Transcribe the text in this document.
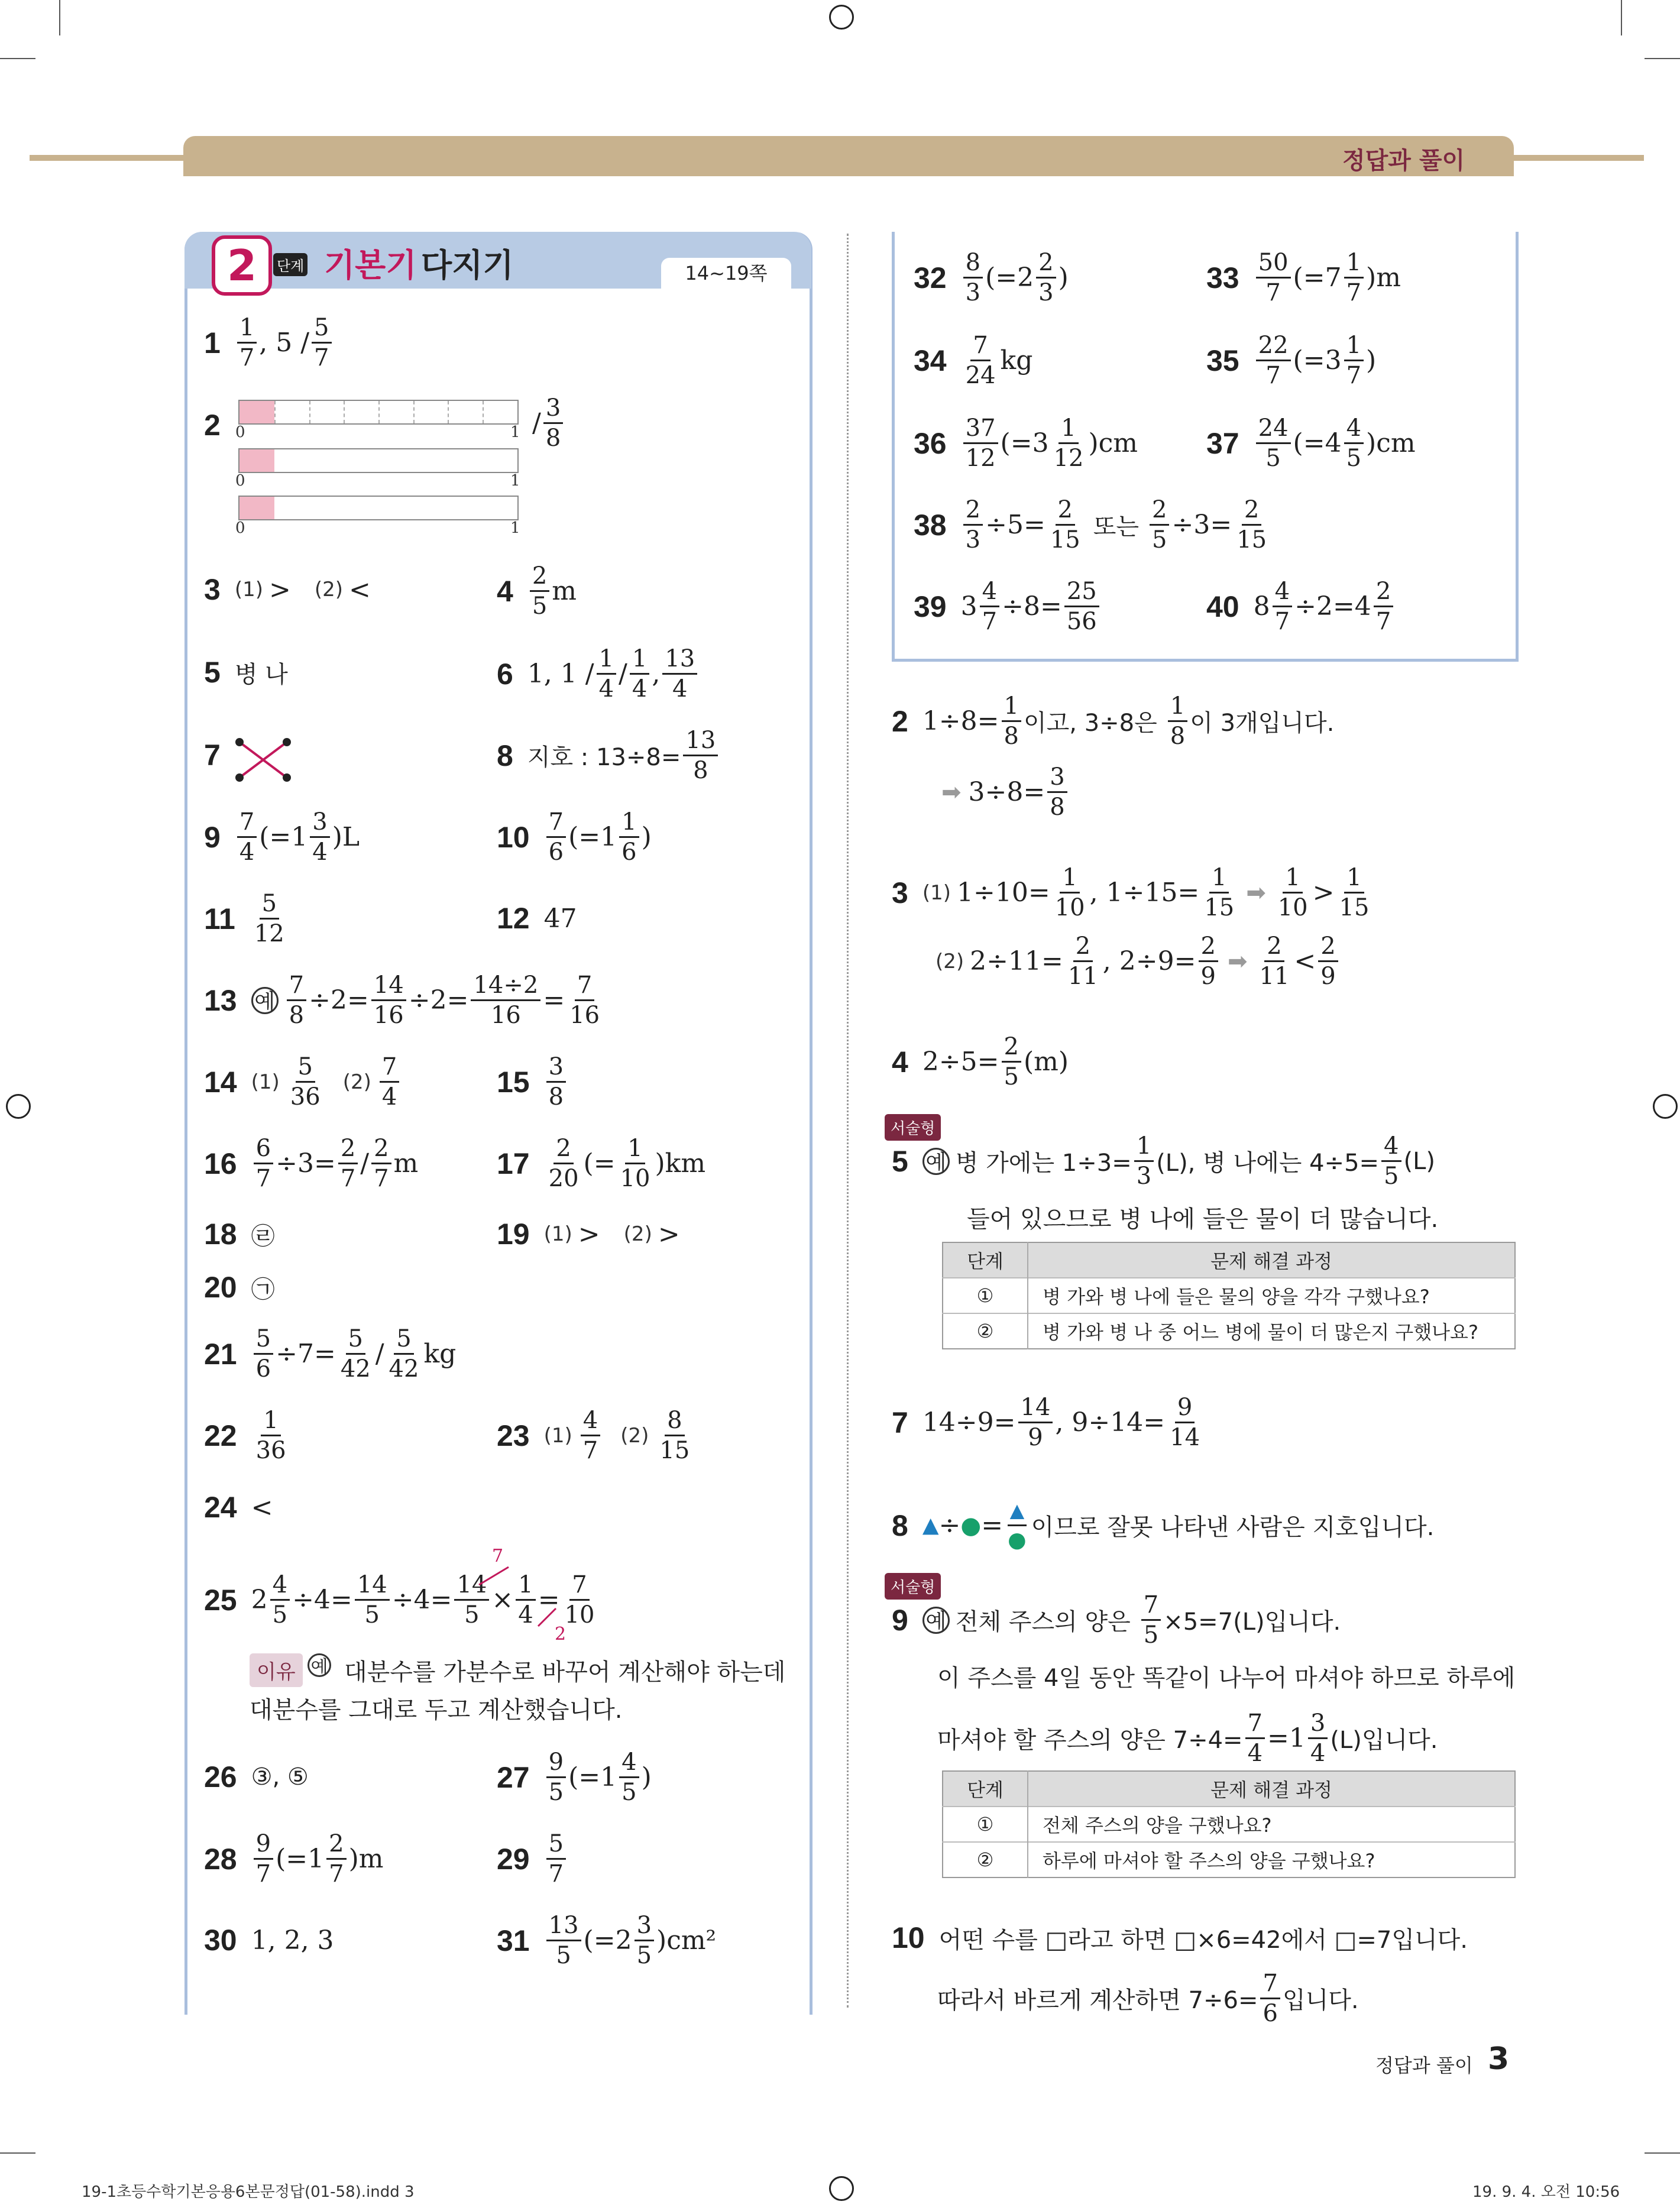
정답과 풀이
2	단계 기본기 다지기	14~19쪽
$1 \frac{1}{7}$ , $5 / \frac{5}{7}$
2 0	1
0	1
0	1
/ $\frac{3}{8}$
3 (1) > (2) <	$4 \frac{2}{5}$ m
5 병 나	6 1, $1 / \frac{1}{4} / \frac{1}{4}$ , $\frac{13}{4}$
7	8 지호 : $13\div 8= \frac{13}{8}$
$9 \frac{7}{4} (=1 \frac{3}{4}$ ) L	$10 \frac{7}{6} (=1 \frac{1}{6}$ )
$11 \frac{5}{12}$	12 47
13 예 $\frac{7}{8} \div 2= \frac{14}{16} \div 2= \frac{14\div 2}{16} = \frac{7}{16}$
14 $(1) \frac{5}{36} (2) \frac{7}{4}$	$15 \frac{3}{8}$
$16 \frac{6}{7} \div 3= \frac{2}{7} / \frac{2}{7}$ m	$17 \frac{2}{20}$ (= $\frac{1}{10}$ ) km
18 ㉣	19 (1) > (2) >
20 ㉠
$21 \frac{5}{6} \div 7= \frac{5}{42} / \frac{5}{42}$ kg
$22 \frac{1}{36}$	23 $(1) \frac{4}{7} (2) \frac{8}{15}$
24 <
25 $2 \frac{4}{5} \div 4= \frac{14}{5} \div 4= \frac{14}{5} \times \frac{1}{4} = \frac{7}{10}$
7
2
이유 예 대분수를 가분수로 바꾸어 계산해야 하는데
대분수를 그대로 두고 계산했습니다.
26 ③, ⑤	$27 \frac{9}{5} (=1 \frac{4}{5}$ )
$28 \frac{9}{7} (=1 \frac{2}{7}$ ) m	$29 \frac{5}{7}$
30 1, 2, 3	$31 \frac{13}{5} (=2 \frac{3}{5}$ ) cm²
$32 \frac{8}{3} (=2 \frac{2}{3}$ )	$33 \frac{50}{7} (=7 \frac{1}{7}$ ) m
$34 \frac{7}{24}$ kg	$35 \frac{22}{7} (=3 \frac{1}{7}$ )
$36 \frac{37}{12} (=3 \frac{1}{12}$ ) cm $37 \frac{24}{5} (=4 \frac{4}{5}$ ) cm
$38 \frac{2}{3} \div 5= \frac{2}{15}$ 또는 $\frac{2}{5} \div 3= \frac{2}{15}$
39 $3 \frac{4}{7} \div 8= \frac{25}{56}$	40 $8 \frac{4}{7} \div 2=4 \frac{2}{7}$
2 $1\div 8= \frac{1}{8}$ 이고, 3÷8은
$\frac{1}{8}$ 이 3개입니다.
➡ $3\div 8= \frac{3}{8}$
3 (1) $1\div 10= \frac{1}{10}$ , $1\div 15= \frac{1}{15}$ ➡ $\frac{1}{10} > \frac{1}{15}$
(2) $2\div 11= \frac{2}{11}$ , $2\div 9= \frac{2}{9}$ ➡ $\frac{2}{11} < \frac{2}{9}$
4 $2\div 5= \frac{2}{5} (m)$
서술형
5 예 병 가에는 $1\div 3= \frac{1}{3} (L)$, 병 나에는 $4\div 5= \frac{4}{5} (L)$
들어 있으므로 병 나에 들은 물이 더 많습니다.
단계	문제 해결 과정
①	병 가와 병 나에 들은 물의 양을 각각 구했나요?
②	병 가와 병 나 중 어느 병에 물이 더 많은지 구했나요?
7 $14\div 9= \frac{14}{9}$ , $9\div 14= \frac{9}{14}$
8 ▲ ÷ ● = $\frac{▲}{●}$ 이므로 잘못 나타낸 사람은 지호입니다.
서술형
9 예 전체 주스의 양은
$\frac{7}{5} \times 5=7(L)$입니다.
이 주스를 4일 동안 똑같이 나누어 마셔야 하므로 하루에
마셔야 할 주스의 양은 $7\div 4= \frac{7}{4} =1 \frac{3}{4} (L)$입니다.
단계	문제 해결 과정
①	전체 주스의 양을 구했나요?
②	하루에 마셔야 할 주스의 양을 구했나요?
10 어떤 수를 □라고 하면 □×6=42에서 □=7입니다.
따라서 바르게 계산하면 $7\div 6= \frac{7}{6}$ 입니다.
정답과 풀이 3
19-1초등수학기본응용6본문정답(01-58).indd 3	19. 9. 4. 오전 10:56
